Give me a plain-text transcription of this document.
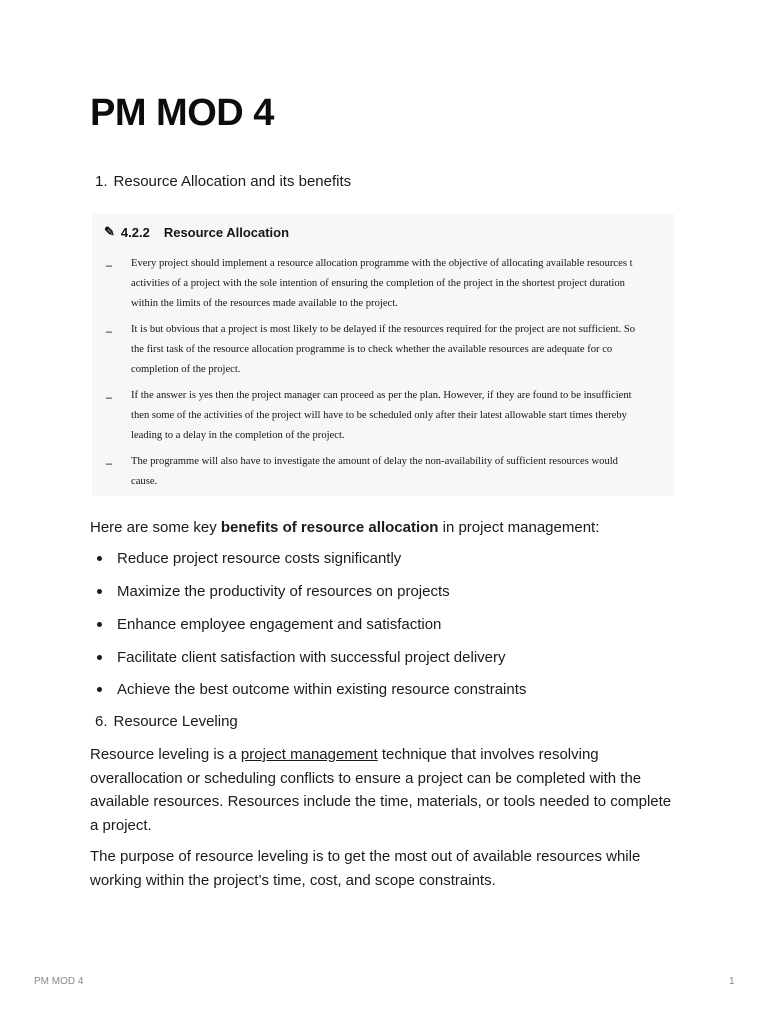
PM MOD 4
1. Resource Allocation and its benefits
✎ 4.2.2 Resource Allocation
– Every project should implement a resource allocation programme with the objective of allocating available resources t
activities of a project with the sole intention of ensuring the completion of the project in the shortest project duration
within the limits of the resources made available to the project.
– It is but obvious that a project is most likely to be delayed if the resources required for the project are not sufficient. So
the first task of the resource allocation programme is to check whether the available resources are adequate for co
completion of the project.
– If the answer is yes then the project manager can proceed as per the plan. However, if they are found to be insufficient
then some of the activities of the project will have to be scheduled only after their latest allowable start times thereby
leading to a delay in the completion of the project.
– The programme will also have to investigate the amount of delay the non-availability of sufficient resources would
cause.

Here are some key benefits of resource allocation in project management:

Reduce project resource costs significantly
Maximize the productivity of resources on projects
Enhance employee engagement and satisfaction
Facilitate client satisfaction with successful project delivery
Achieve the best outcome within existing resource constraints
6. Resource Leveling

Resource leveling is a project management technique that involves resolving overallocation or scheduling conflicts to ensure a project can be completed with the available resources. Resources include the time, materials, or tools needed to complete a project.

The purpose of resource leveling is to get the most out of available resources while working within the project’s time, cost, and scope constraints.

PM MOD 4	1
